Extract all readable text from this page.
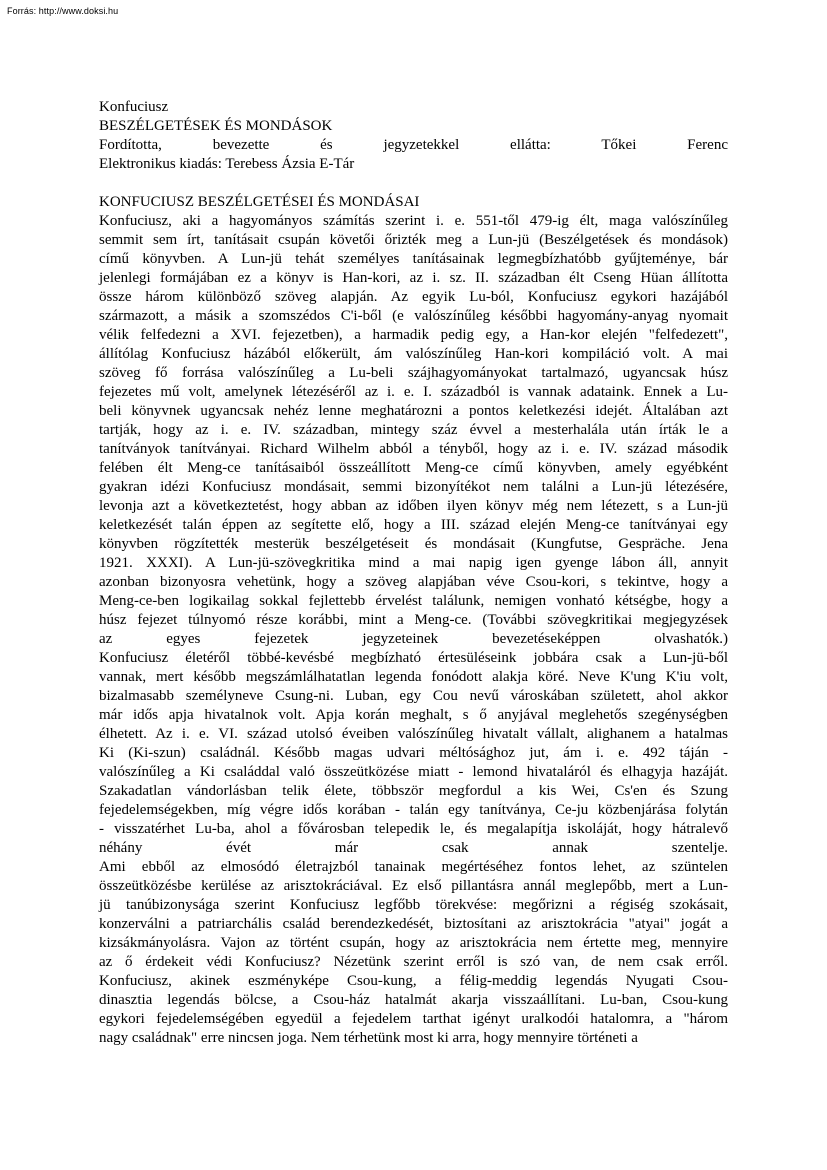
Forrás: http://www.doksi.hu
Konfuciusz
BESZÉLGETÉSEK ÉS MONDÁSOK
Fordította, bevezette és jegyzetekkel ellátta: Tőkei Ferenc
Elektronikus kiadás: Terebess Ázsia E-Tár
KONFUCIUSZ BESZÉLGETÉSEI ÉS MONDÁSAI
Konfuciusz, aki a hagyományos számítás szerint i. e. 551-től 479-ig élt, maga valószínűleg
semmit sem írt, tanításait csupán követői őrizték meg a Lun-jü (Beszélgetések és mondások)
című könyvben. A Lun-jü tehát személyes tanításainak legmegbízhatóbb gyűjteménye, bár
jelenlegi formájában ez a könyv is Han-kori, az i. sz. II. században élt Cseng Hüan állította
össze három különböző szöveg alapján. Az egyik Lu-ból, Konfuciusz egykori hazájából
származott, a másik a szomszédos C'i-ből (e valószínűleg későbbi hagyomány-anyag nyomait
vélik felfedezni a XVI. fejezetben), a harmadik pedig egy, a Han-kor elején "felfedezett",
állítólag Konfuciusz házából előkerült, ám valószínűleg Han-kori kompiláció volt. A mai
szöveg fő forrása valószínűleg a Lu-beli szájhagyományokat tartalmazó, ugyancsak húsz
fejezetes mű volt, amelynek létezéséről az i. e. I. századból is vannak adataink. Ennek a Lu-
beli könyvnek ugyancsak nehéz lenne meghatározni a pontos keletkezési idejét. Általában azt
tartják, hogy az i. e. IV. században, mintegy száz évvel a mesterhalála után írták le a
tanítványok tanítványai. Richard Wilhelm abból a tényből, hogy az i. e. IV. század második
felében élt Meng-ce tanításaiból összeállított Meng-ce című könyvben, amely egyébként
gyakran idézi Konfuciusz mondásait, semmi bizonyítékot nem találni a Lun-jü létezésére,
levonja azt a következtetést, hogy abban az időben ilyen könyv még nem létezett, s a Lun-jü
keletkezését talán éppen az segítette elő, hogy a III. század elején Meng-ce tanítványai egy
könyvben rögzítették mesterük beszélgetéseit és mondásait (Kungfutse, Gespräche. Jena
1921. XXXI). A Lun-jü-szövegkritika mind a mai napig igen gyenge lábon áll, annyit
azonban bizonyosra vehetünk, hogy a szöveg alapjában véve Csou-kori, s tekintve, hogy a
Meng-ce-ben logikailag sokkal fejlettebb érvelést találunk, nemigen vonható kétségbe, hogy a
húsz fejezet túlnyomó része korábbi, mint a Meng-ce. (További szövegkritikai megjegyzések
az egyes fejezetek jegyzeteinek bevezetéseképpen olvashatók.)
Konfuciusz életéről többé-kevésbé megbízható értesüléseink jobbára csak a Lun-jü-ből
vannak, mert később megszámlálhatatlan legenda fonódott alakja köré. Neve K'ung K'iu volt,
bizalmasabb személyneve Csung-ni. Luban, egy Cou nevű városkában született, ahol akkor
már idős apja hivatalnok volt. Apja korán meghalt, s ő anyjával meglehetős szegénységben
élhetett. Az i. e. VI. század utolsó éveiben valószínűleg hivatalt vállalt, alighanem a hatalmas
Ki (Ki-szun) családnál. Később magas udvari méltósághoz jut, ám i. e. 492 táján -
valószínűleg a Ki családdal való összeütközése miatt - lemond hivataláról és elhagyja hazáját.
Szakadatlan vándorlásban telik élete, többször megfordul a kis Wei, Cs'en és Szung
fejedelemségekben, míg végre idős korában - talán egy tanítványa, Ce-ju közbenjárása folytán
- visszatérhet Lu-ba, ahol a fővárosban telepedik le, és megalapítja iskoláját, hogy hátralevő
néhány évét már csak annak szentelje.
Ami ebből az elmosódó életrajzból tanainak megértéséhez fontos lehet, az szüntelen
összeütközésbe kerülése az arisztokráciával. Ez első pillantásra annál meglepőbb, mert a Lun-
jü tanúbizonysága szerint Konfuciusz legfőbb törekvése: megőrizni a régiség szokásait,
konzerválni a patriarchális család berendezkedését, biztosítani az arisztokrácia "atyai" jogát a
kizsákmányolásra. Vajon az történt csupán, hogy az arisztokrácia nem értette meg, mennyire
az ő érdekeit védi Konfuciusz? Nézetünk szerint erről is szó van, de nem csak erről.
Konfuciusz, akinek eszményképe Csou-kung, a félig-meddig legendás Nyugati Csou-
dinasztia legendás bölcse, a Csou-ház hatalmát akarja visszaállítani. Lu-ban, Csou-kung
egykori fejedelemségében egyedül a fejedelem tarthat igényt uralkodói hatalomra, a "három
nagy családnak" erre nincsen joga. Nem térhetünk most ki arra, hogy mennyire történeti a
